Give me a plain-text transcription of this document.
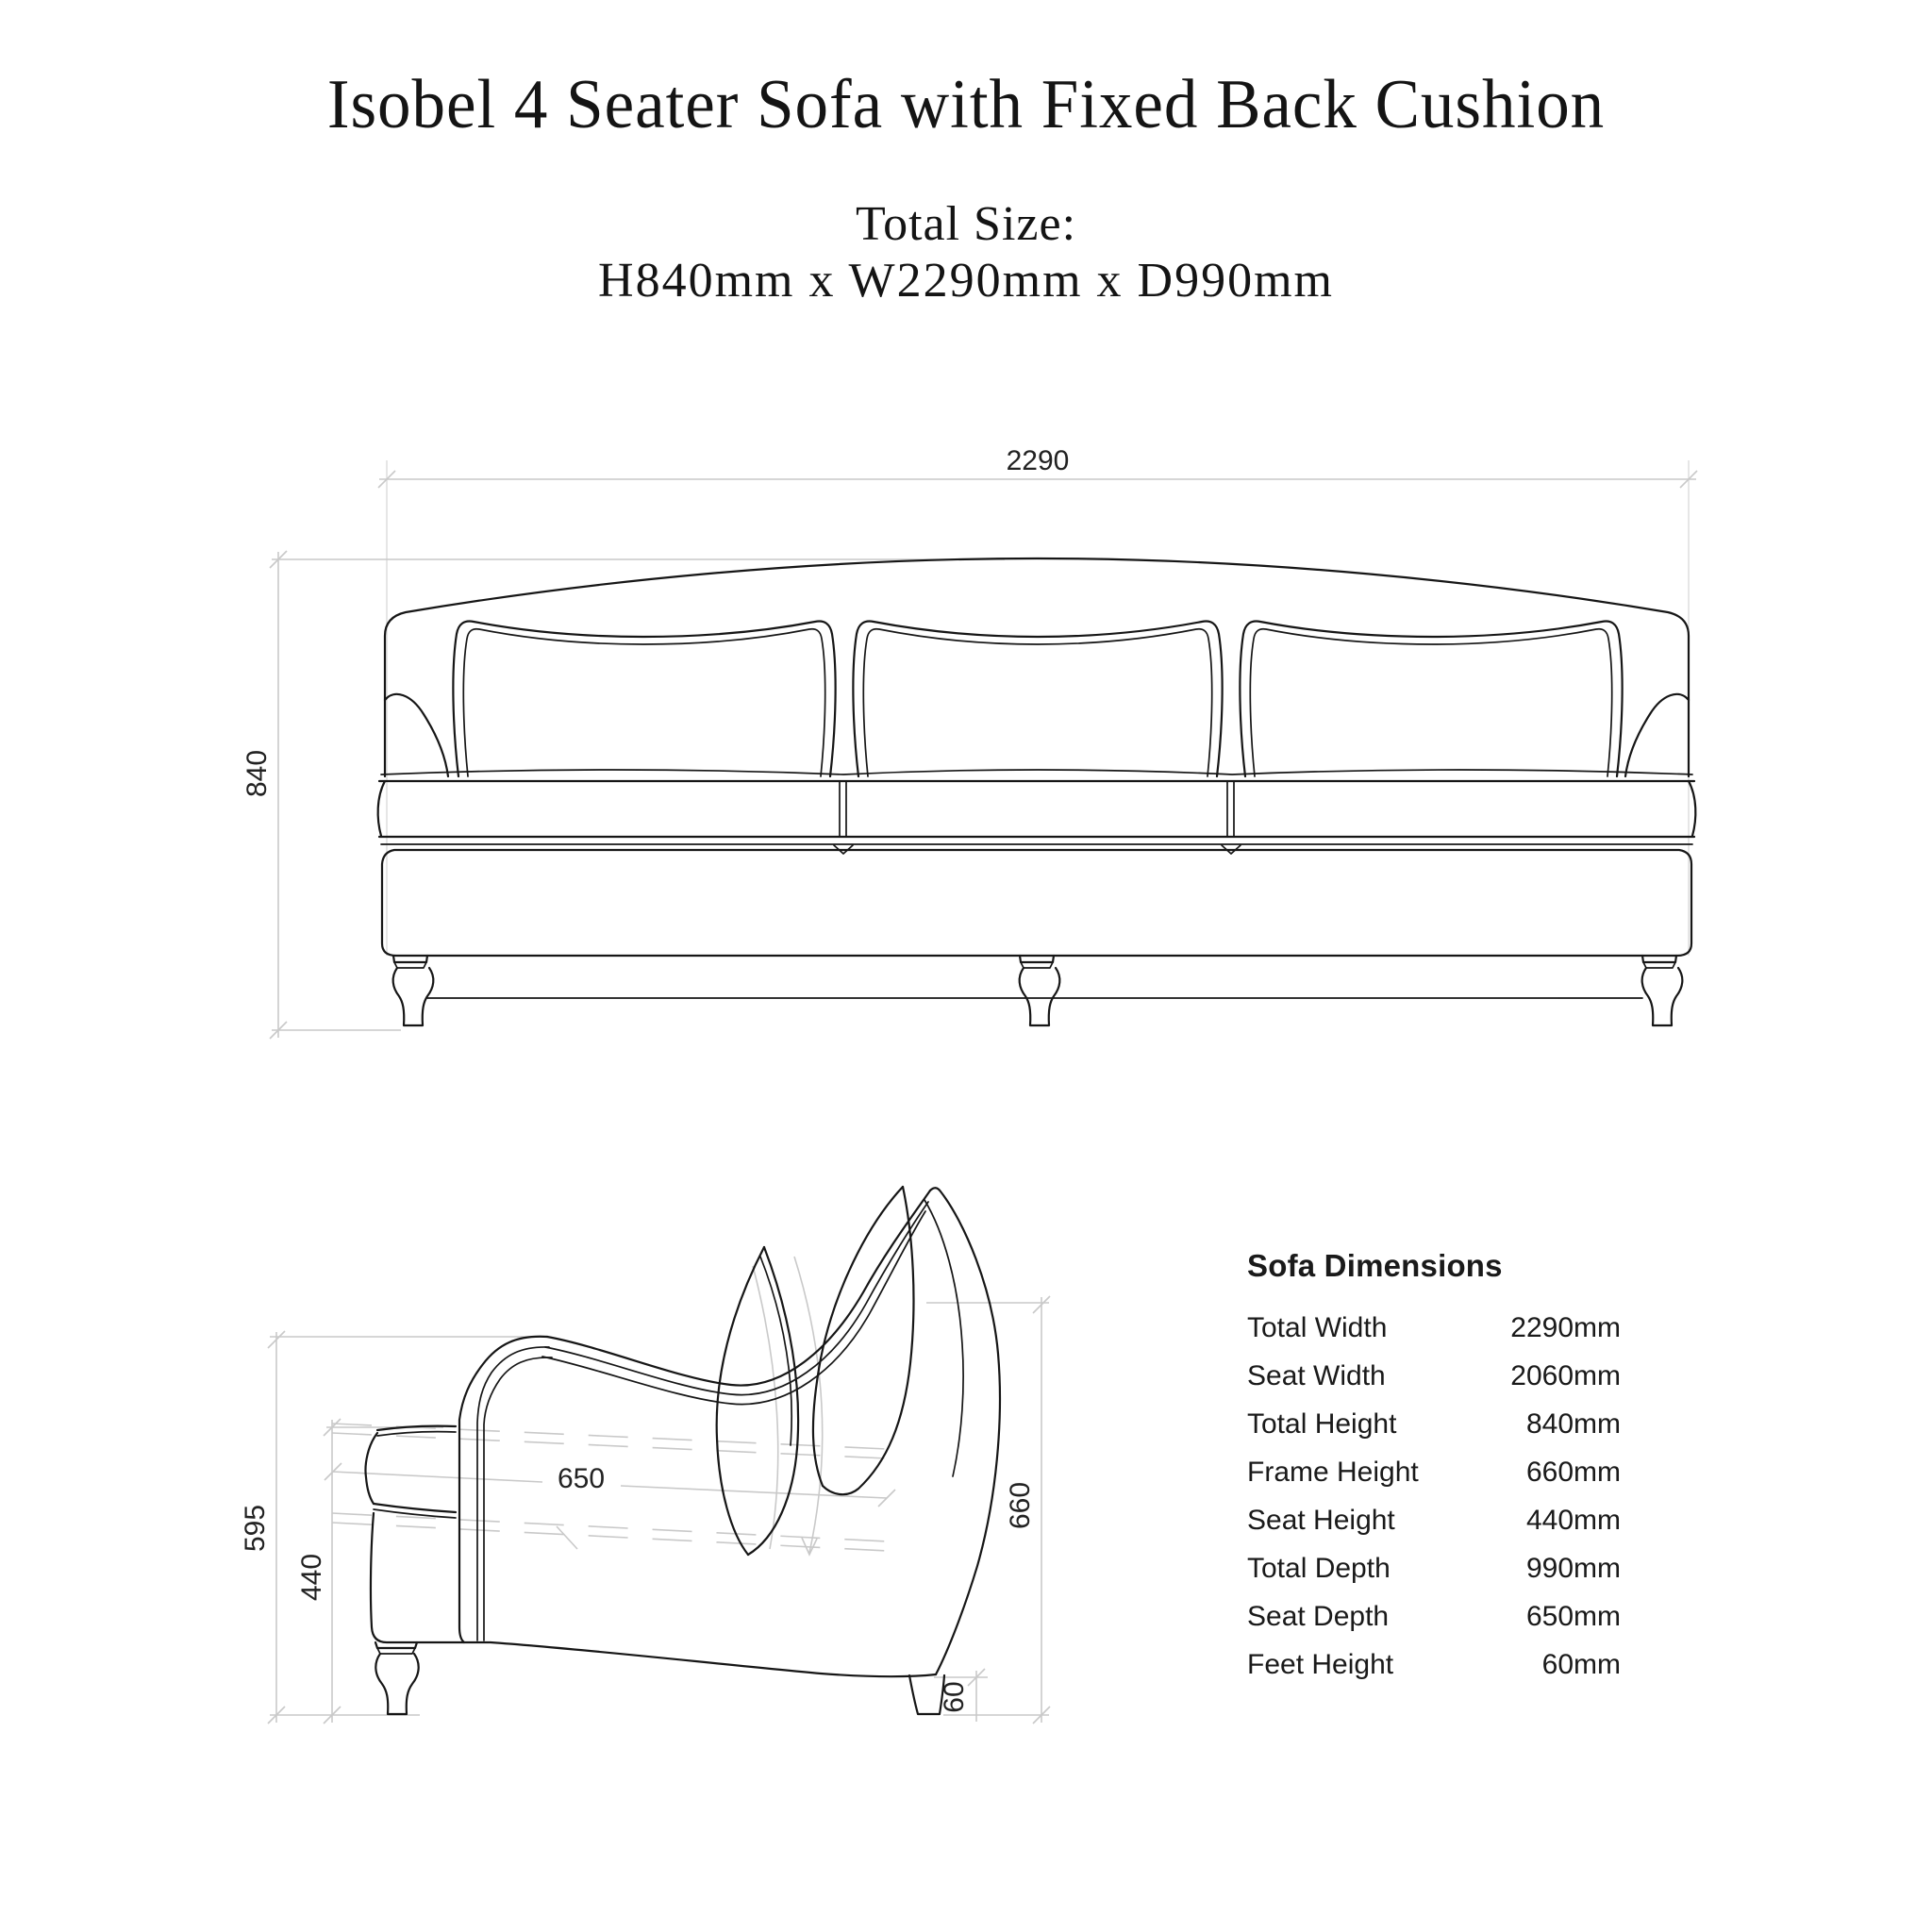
Isobel 4 Seater Sofa with Fixed Back Cushion
Total Size:
H840mm x W2290mm x D990mm
2290
840
595
440
660
60
650
Sofa Dimensions
Total Width	2290mm
Seat Width	2060mm
Total Height	840mm
Frame Height	660mm
Seat Height	440mm
Total Depth	990mm
Seat Depth	650mm
Feet Height	60mm
